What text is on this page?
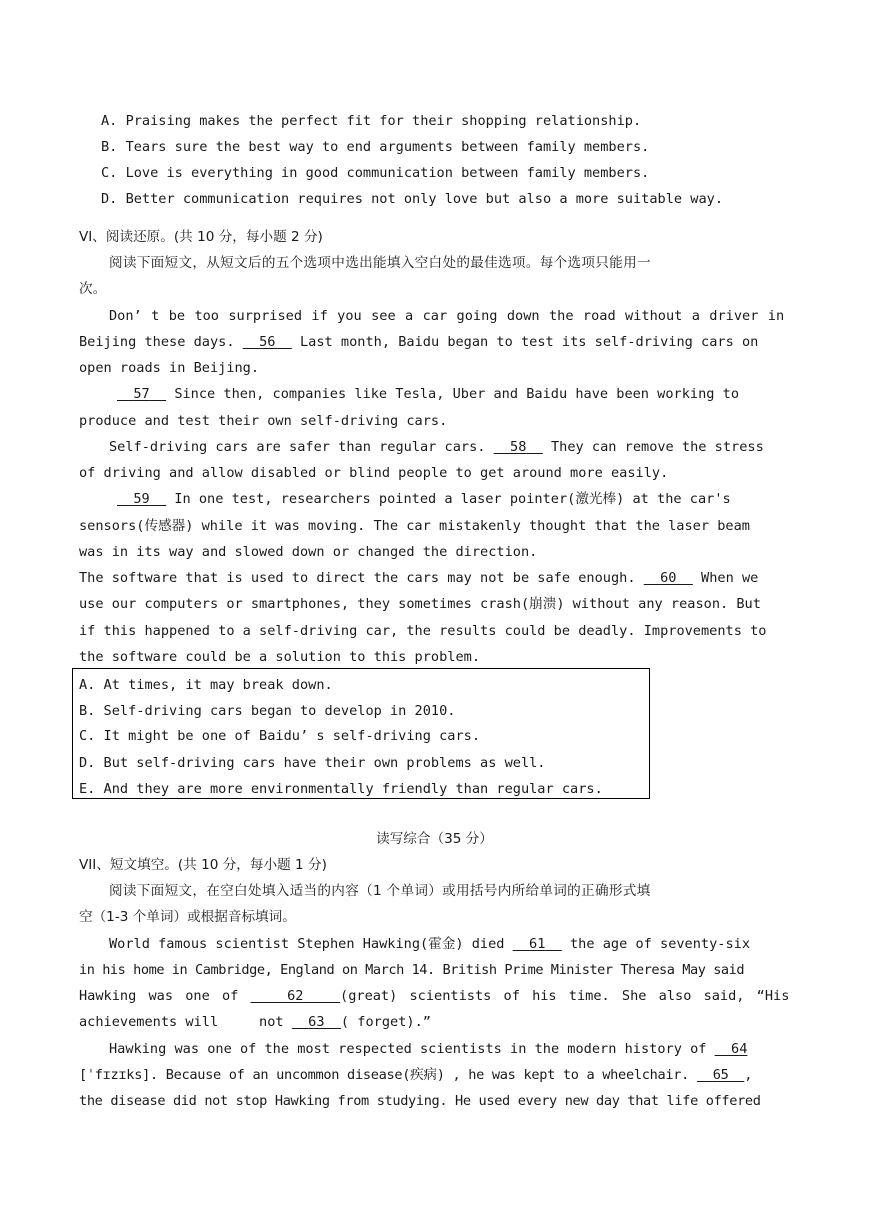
A. Praising makes the perfect fit for their shopping relationship.
B. Tears sure the best way to end arguments between family members.
C. Love is everything in good communication between family members.
D. Better communication requires not only love but also a more suitable way.
VI、阅读还原。(共 10 分，每小题 2 分)
阅读下面短文，从短文后的五个选项中选出能填入空白处的最佳选项。每个选项只能用一
次。
Don’ t be too surprised if you see a car going down the road without a driver in
Beijing these days. 56 Last month, Baidu began to test its self-driving cars on
open roads in Beijing.
57 Since then, companies like Tesla, Uber and Baidu have been working to
produce and test their own self-driving cars.
Self-driving cars are safer than regular cars. 58 They can remove the stress
of driving and allow disabled or blind people to get around more easily.
59 In one test, researchers pointed a laser pointer(激光棒) at the car's
sensors(传感器) while it was moving. The car mistakenly thought that the laser beam
was in its way and slowed down or changed the direction.
The software that is used to direct the cars may not be safe enough. 60 When we
use our computers or smartphones, they sometimes crash(崩溃) without any reason. But
if this happened to a self-driving car, the results could be deadly. Improvements to
the software could be a solution to this problem.
A. At times, it may break down.
B. Self-driving cars began to develop in 2010.
C. It might be one of Baidu’ s self-driving cars.
D. But self-driving cars have their own problems as well.
E. And they are more environmentally friendly than regular cars.
读写综合（35 分）
VII、短文填空。(共 10 分，每小题 1 分)
阅读下面短文，在空白处填入适当的内容（1 个单词）或用括号内所给单词的正确形式填
空（1-3 个单词）或根据音标填词。
World famous scientist Stephen Hawking(霍金) died 61 the age of seventy-six
in his home in Cambridge, England on March 14. British Prime Minister Theresa May said
Hawking was one of	62	(great) scientists of his time. She also said, “His
achievements will     not 63 ( forget).”
Hawking was one of the most respected scientists in the modern history of 64
[ˈfɪzɪks]. Because of an uncommon disease(疾病) , he was kept to a wheelchair. 65 ,
the disease did not stop Hawking from studying. He used every new day that life offered
